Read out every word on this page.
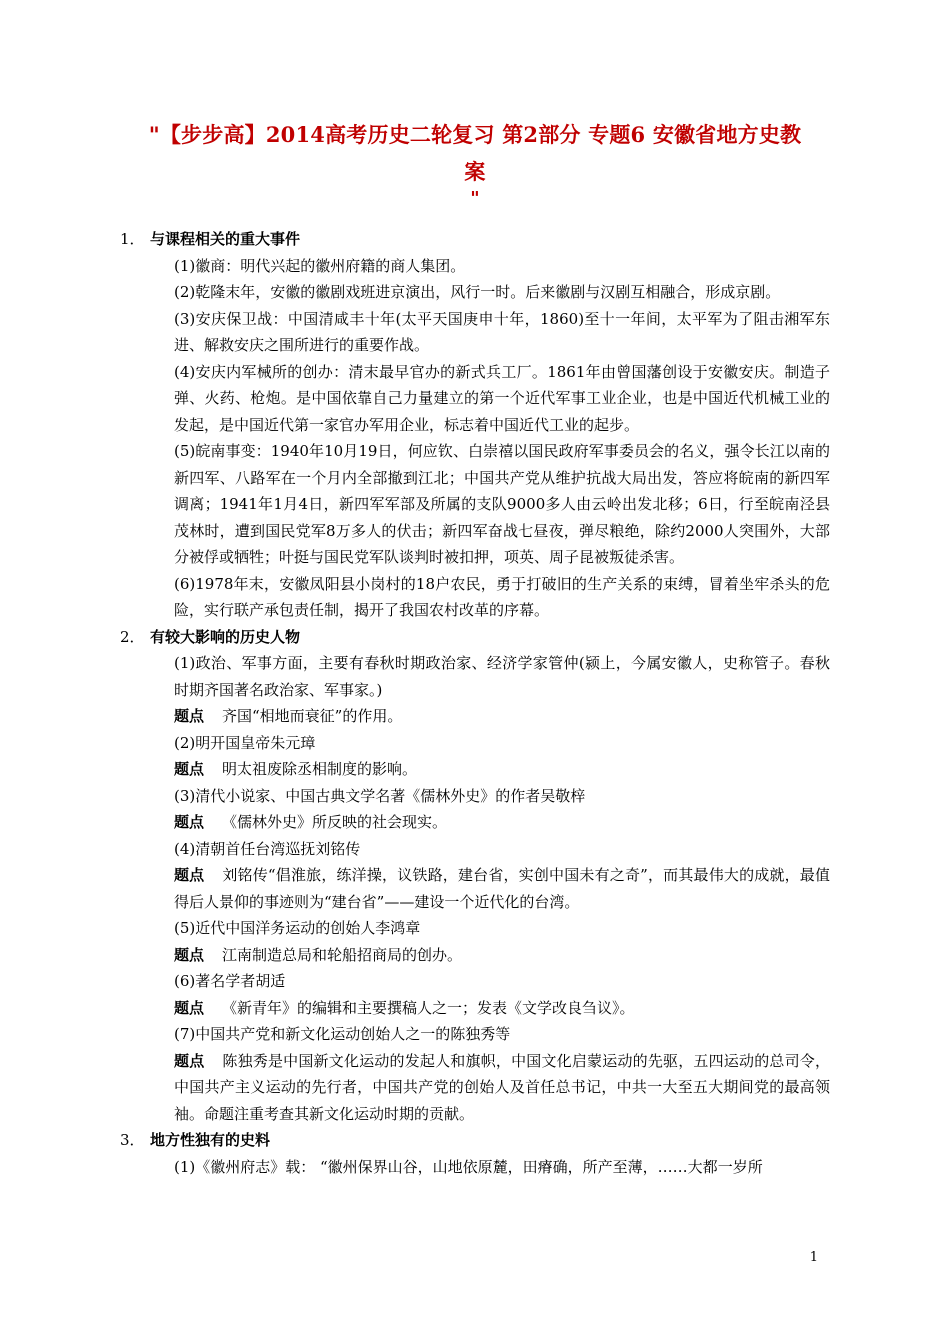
"【步步高】2014高考历史二轮复习 第2部分 专题6 安徽省地方史教
案
"
1． 与课程相关的重大事件

(1)徽商：明代兴起的徽州府籍的商人集团。

(2)乾隆末年，安徽的徽剧戏班进京演出，风行一时。后来徽剧与汉剧互相融合，形成京剧。

(3)安庆保卫战：中国清咸丰十年(太平天国庚申十年，1860)至十一年间，太平军为了阻击湘军东进、解救安庆之围所进行的重要作战。

(4)安庆内军械所的创办：清末最早官办的新式兵工厂。1861年由曾国藩创设于安徽安庆。制造子弹、火药、枪炮。是中国依靠自己力量建立的第一个近代军事工业企业，也是中国近代机械工业的发起，是中国近代第一家官办军用企业，标志着中国近代工业的起步。

(5)皖南事变：1940年10月19日，何应钦、白崇禧以国民政府军事委员会的名义，强令长江以南的新四军、八路军在一个月内全部撤到江北；中国共产党从维护抗战大局出发，答应将皖南的新四军调离；1941年1月4日，新四军军部及所属的支队9000多人由云岭出发北移；6日，行至皖南泾县茂林时，遭到国民党军8万多人的伏击；新四军奋战七昼夜，弹尽粮绝，除约2000人突围外，大部分被俘或牺牲；叶挺与国民党军队谈判时被扣押，项英、周子昆被叛徒杀害。

(6)1978年末，安徽凤阳县小岗村的18户农民，勇于打破旧的生产关系的束缚，冒着坐牢杀头的危险，实行联产承包责任制，揭开了我国农村改革的序幕。

2． 有较大影响的历史人物

(1)政治、军事方面，主要有春秋时期政治家、经济学家管仲(颍上，今属安徽人，史称管子。春秋时期齐国著名政治家、军事家。)

题点 齐国“相地而衰征”的作用。

(2)明开国皇帝朱元璋

题点 明太祖废除丞相制度的影响。

(3)清代小说家、中国古典文学名著《儒林外史》的作者吴敬梓

题点 《儒林外史》所反映的社会现实。

(4)清朝首任台湾巡抚刘铭传

题点 刘铭传“倡淮旅，练洋操，议铁路，建台省，实创中国未有之奇”，而其最伟大的成就，最值得后人景仰的事迹则为“建台省”——建设一个近代化的台湾。

(5)近代中国洋务运动的创始人李鸿章

题点 江南制造总局和轮船招商局的创办。

(6)著名学者胡适

题点 《新青年》的编辑和主要撰稿人之一；发表《文学改良刍议》。

(7)中国共产党和新文化运动创始人之一的陈独秀等

题点 陈独秀是中国新文化运动的发起人和旗帜，中国文化启蒙运动的先驱，五四运动的总司令，中国共产主义运动的先行者，中国共产党的创始人及首任总书记，中共一大至五大期间党的最高领袖。命题注重考查其新文化运动时期的贡献。

3． 地方性独有的史料

(1)《徽州府志》载： “徽州保界山谷，山地依原麓，田瘠确，所产至薄，……大都一岁所

1
